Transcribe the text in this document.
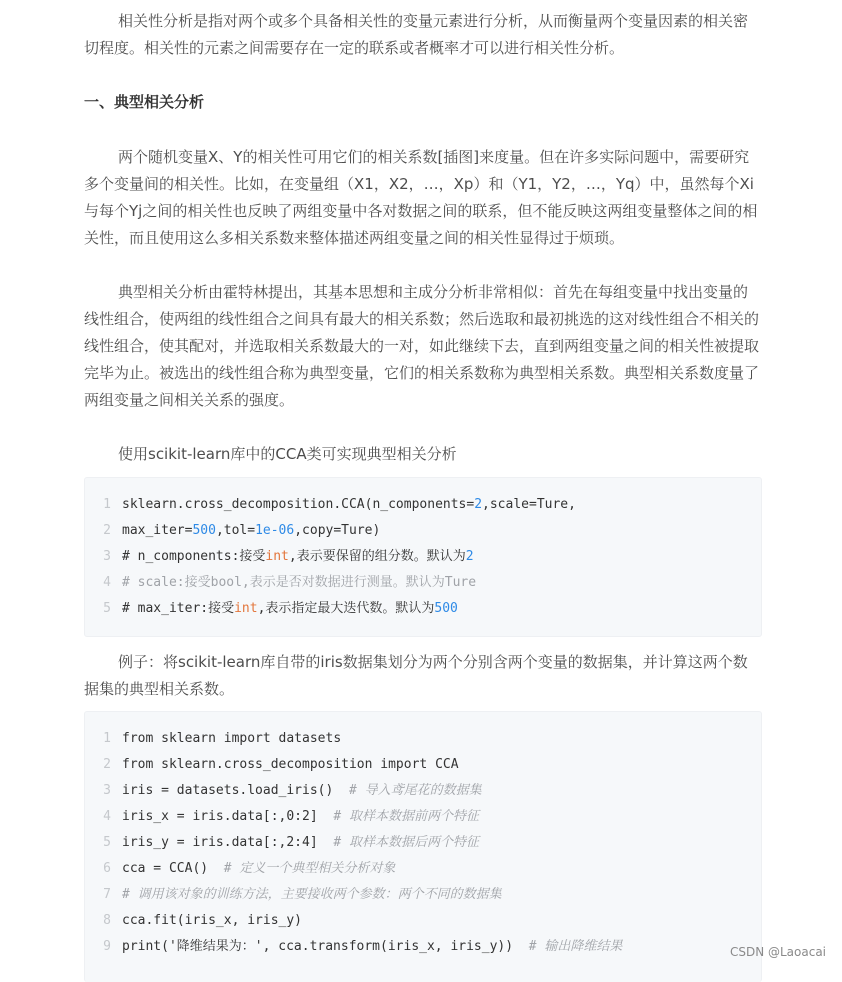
相关性分析是指对两个或多个具备相关性的变量元素进行分析，从而衡量两个变量因素的相关密切程度。相关性的元素之间需要存在一定的联系或者概率才可以进行相关性分析。

一、典型相关分析

两个随机变量X、Y的相关性可用它们的相关系数[插图]来度量。但在许多实际问题中，需要研究多个变量间的相关性。比如，在变量组（X1，X2，…，Xp）和（Y1，Y2，…，Yq）中，虽然每个Xi与每个Yj之间的相关性也反映了两组变量中各对数据之间的联系，但不能反映这两组变量整体之间的相关性，而且使用这么多相关系数来整体描述两组变量之间的相关性显得过于烦琐。

典型相关分析由霍特林提出，其基本思想和主成分分析非常相似：首先在每组变量中找出变量的线性组合，使两组的线性组合之间具有最大的相关系数；然后选取和最初挑选的这对线性组合不相关的线性组合，使其配对，并选取相关系数最大的一对，如此继续下去，直到两组变量之间的相关性被提取完毕为止。被选出的线性组合称为典型变量，它们的相关系数称为典型相关系数。典型相关系数度量了两组变量之间相关关系的强度。

使用scikit-learn库中的CCA类可实现典型相关分析

1 sklearn.cross_decomposition.CCA(n_components=2,scale=Ture,
2 max_iter=500,tol=1e-06,copy=Ture)
3 # n_components:接受int,表示要保留的组分数。默认为2
4 # scale:接受bool,表示是否对数据进行测量。默认为Ture
5 # max_iter:接受int,表示指定最大迭代数。默认为500

例子：将scikit-learn库自带的iris数据集划分为两个分别含两个变量的数据集，并计算这两个数据集的典型相关系数。

1 from sklearn import datasets
2 from sklearn.cross_decomposition import CCA
3 iris = datasets.load_iris()  # 导入鸢尾花的数据集
4 iris_x = iris.data[:,0:2]  # 取样本数据前两个特征
5 iris_y = iris.data[:,2:4]  # 取样本数据后两个特征
6 cca = CCA()  # 定义一个典型相关分析对象
7 # 调用该对象的训练方法，主要接收两个参数：两个不同的数据集
8 cca.fit(iris_x, iris_y)
9 print('降维结果为：', cca.transform(iris_x, iris_y))  # 输出降维结果	CSDN @Laoacai
